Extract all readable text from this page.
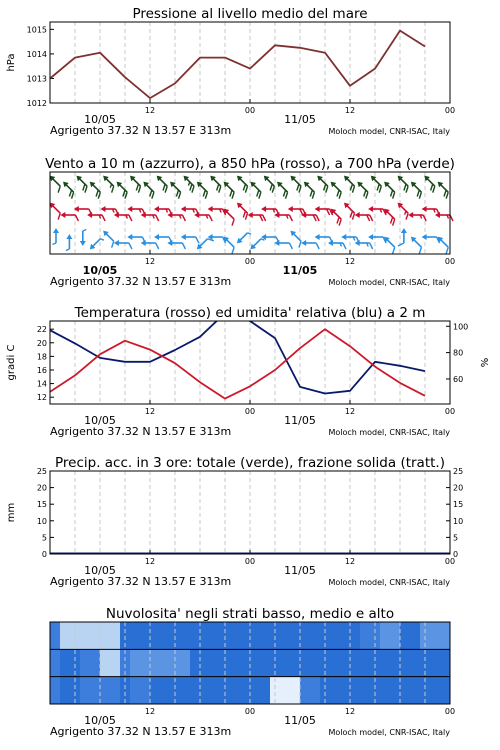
Pressione al livello medio del mare
12	00	12	00
10/05	11/05
Agrigento 37.32 N 13.57 E 313m	Moloch model, CNR-ISAC, Italy
1012
1013
1014
1015
hPa
Vento a 10 m (azzurro), a 850 hPa (rosso), a 700 hPa (verde)
12	00	12	00
10/05	11/05
Agrigento 37.32 N 13.57 E 313m	Moloch model, CNR-ISAC, Italy
Temperatura (rosso) ed umidita' relativa (blu) a 2 m
12	00	12	00
10/05	11/05
Agrigento 37.32 N 13.57 E 313m	Moloch model, CNR-ISAC, Italy
12
14
16
18
20
22
60
80
100
gradi C	%
Precip. acc. in 3 ore: totale (verde), frazione solida (tratt.)
12	00	12	00
10/05	11/05
Agrigento 37.32 N 13.57 E 313m	Moloch model, CNR-ISAC, Italy
0
5
10
15
20
25
0
5
10
15
20
25
mm
Nuvolosita' negli strati basso, medio e alto
12	00	12	00
10/05	11/05
Agrigento 37.32 N 13.57 E 313m	Moloch model, CNR-ISAC, Italy
